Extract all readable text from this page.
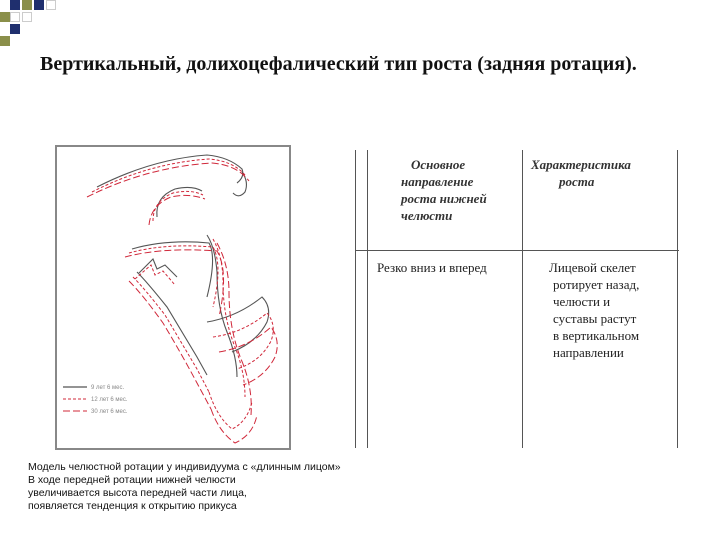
Вертикальный, долихоцефалический тип роста (задняя ротация).
9 лет 6 мес.
12 лет 6 мес.
30 лет 6 мес.
Модель челюстной ротации у индивидуума с «длинным лицом»
В ходе передней ротации нижней челюсти
увеличивается высота передней части лица,
появляется тенденция к открытию прикуса
Основное
направление
роста нижней
челюсти
Характеристика
роста
Резко вниз и вперед	Лицевой скелет
ротирует назад,
челюсти и
суставы растут
в вертикальном
направлении
